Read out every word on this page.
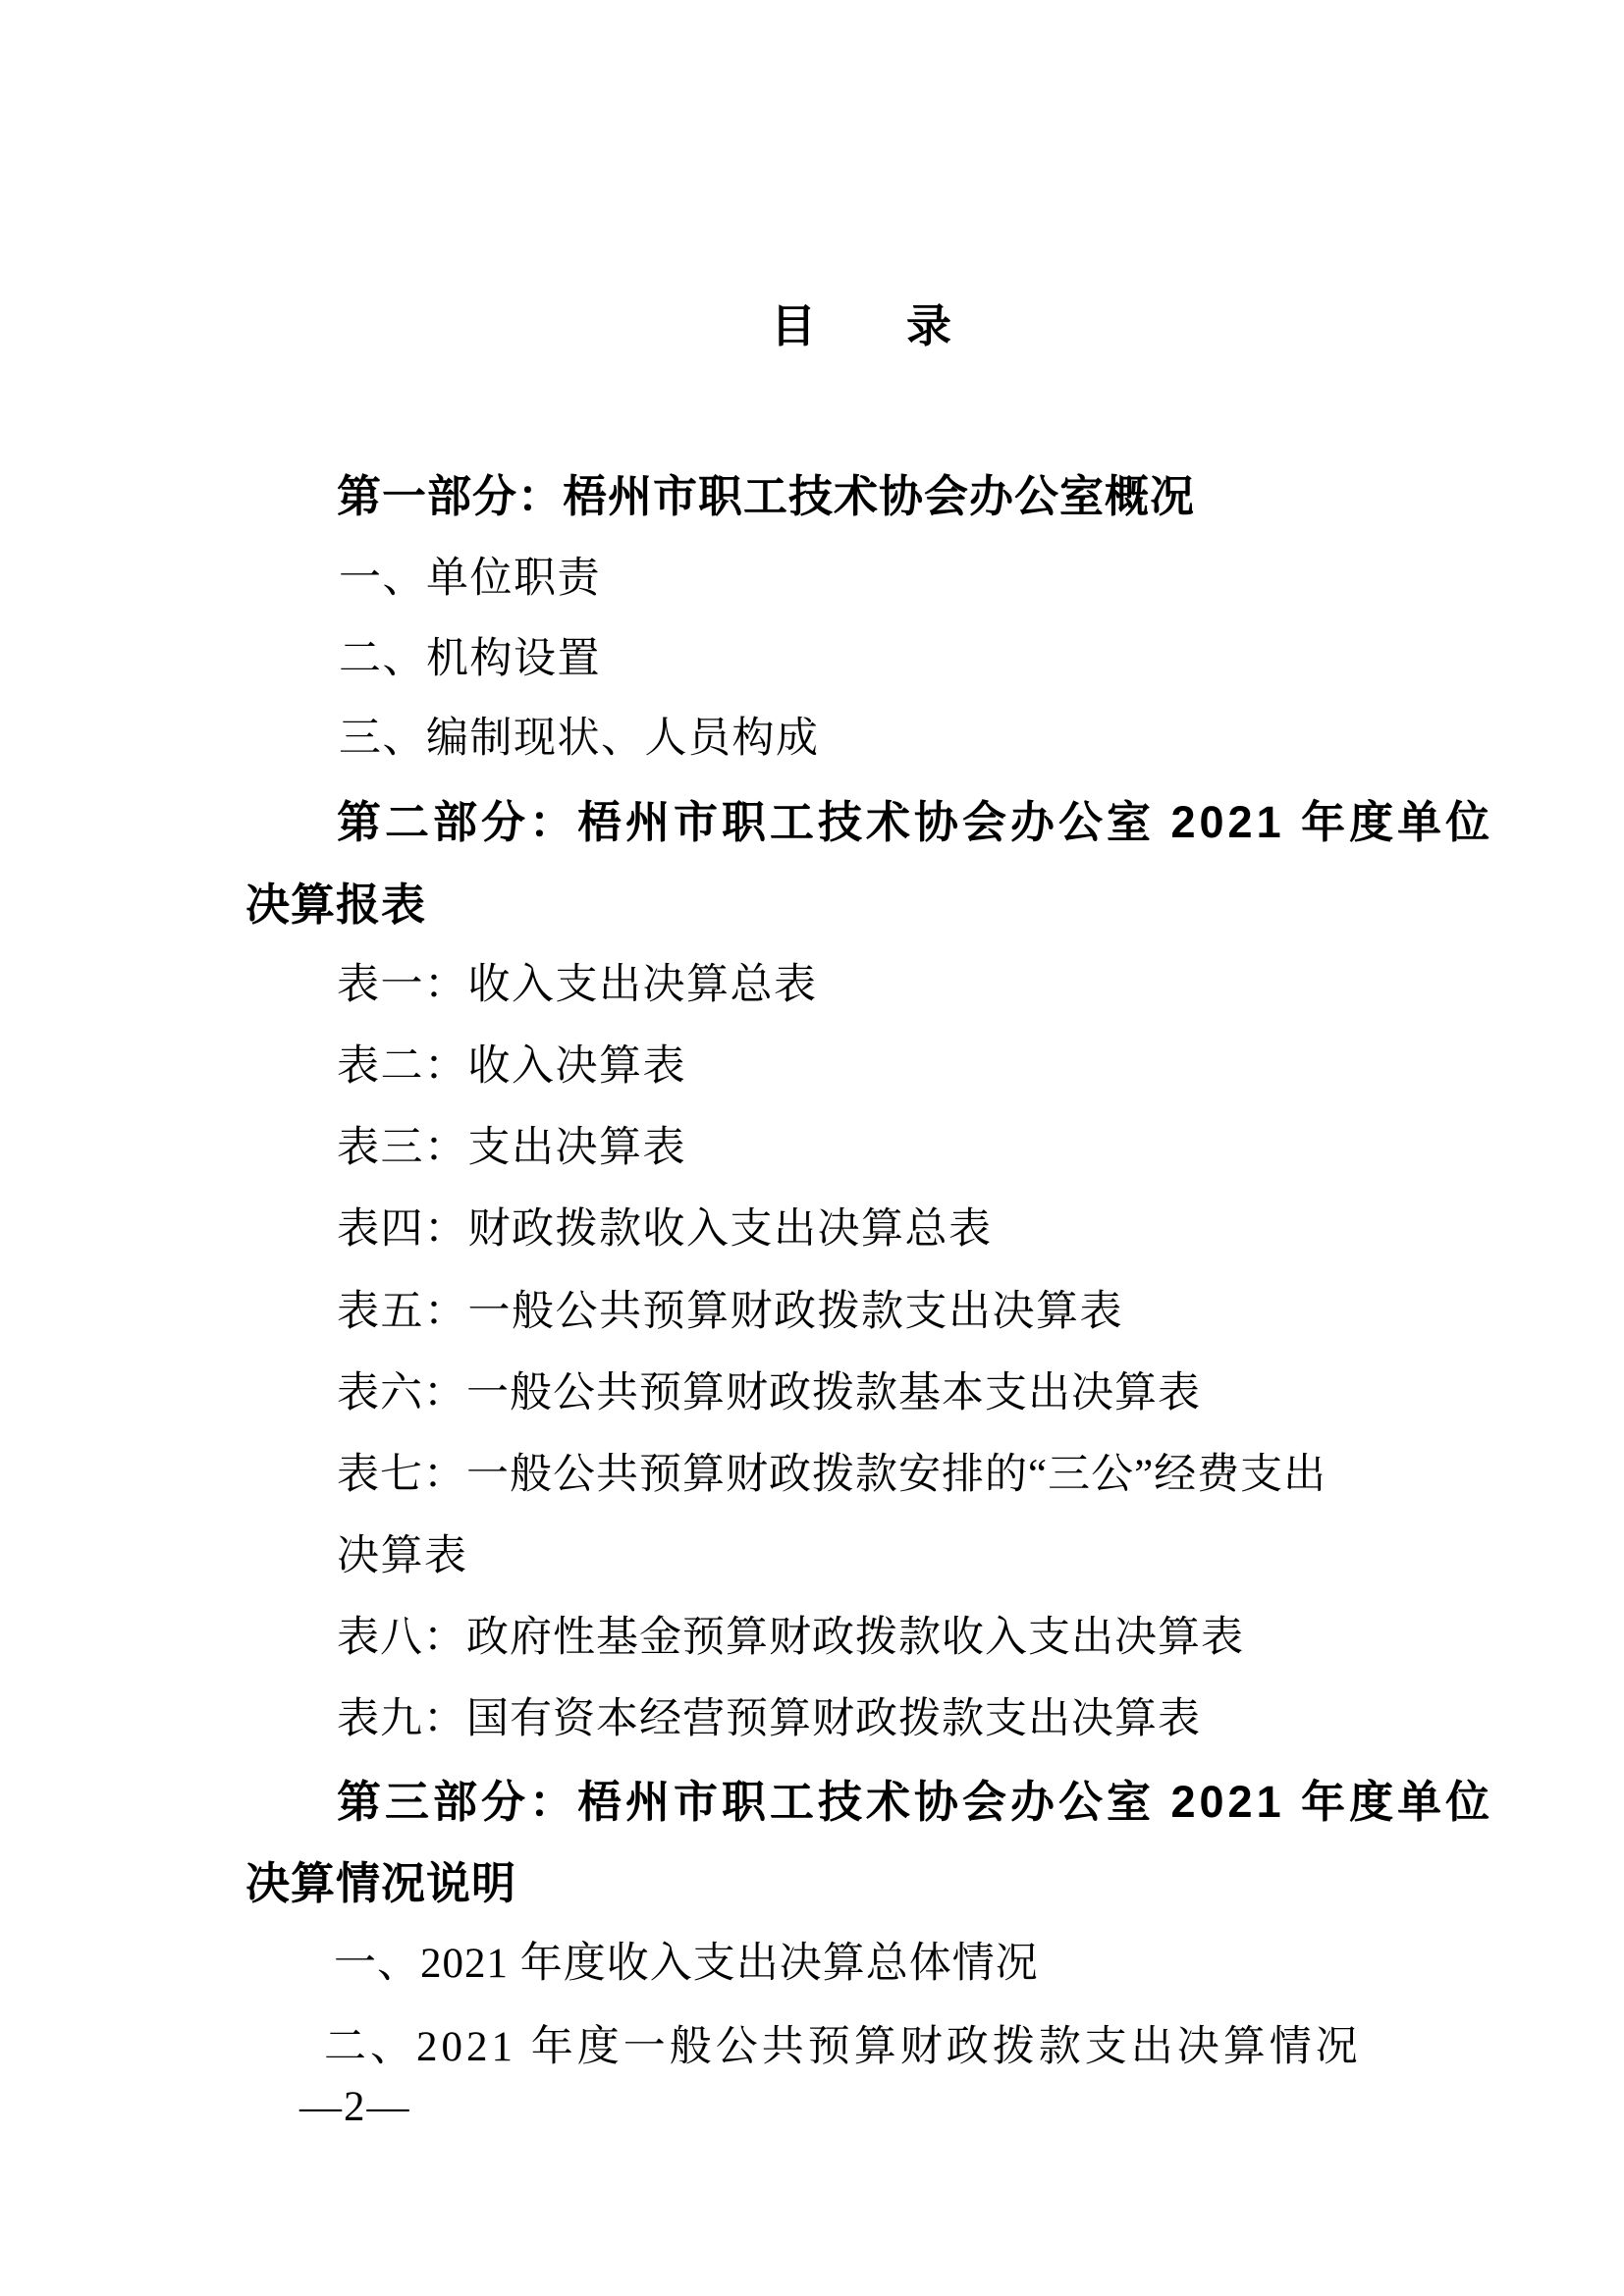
目　　录
第一部分：梧州市职工技术协会办公室概况
一、单位职责
二、机构设置
三、编制现状、人员构成
第二部分：梧州市职工技术协会办公室 2021 年度单位
决算报表
表一：收入支出决算总表
表二：收入决算表
表三：支出决算表
表四：财政拨款收入支出决算总表
表五：一般公共预算财政拨款支出决算表
表六：一般公共预算财政拨款基本支出决算表
表七：一般公共预算财政拨款安排的“三公”经费支出
决算表
表八：政府性基金预算财政拨款收入支出决算表
表九：国有资本经营预算财政拨款支出决算表
第三部分：梧州市职工技术协会办公室 2021 年度单位
决算情况说明
一、2021 年度收入支出决算总体情况
二、2021 年度一般公共预算财政拨款支出决算情况
—2—
